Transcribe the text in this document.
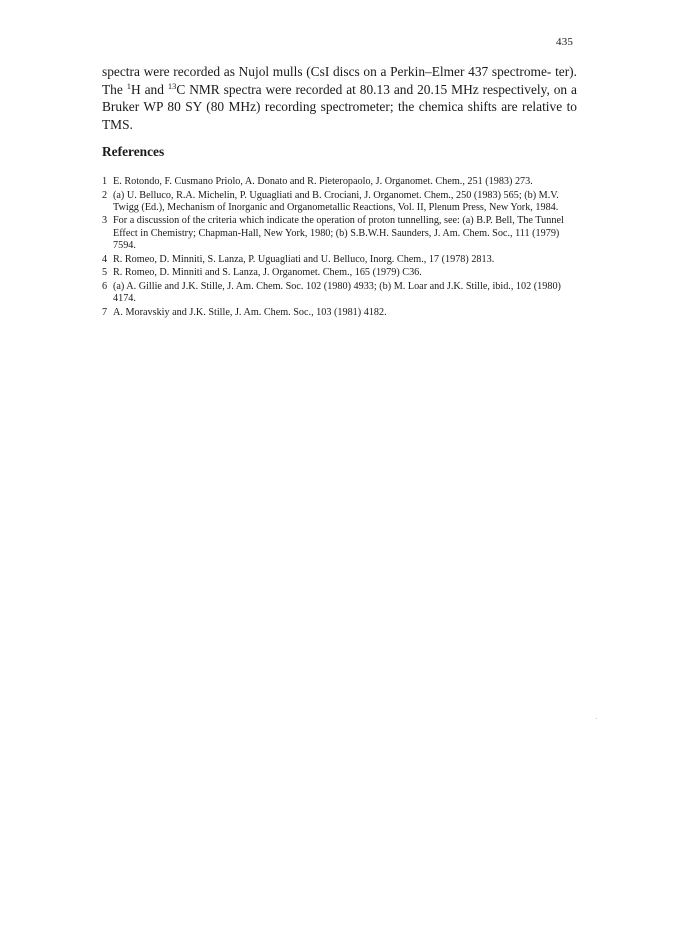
435
spectra were recorded as Nujol mulls (CsI discs on a Perkin–Elmer 437 spectrome- ter). The $^1$H and $^{13}$C NMR spectra were recorded at 80.13 and 20.15 MHz respectively, on a Bruker WP 80 SY (80 MHz) recording spectrometer; the chemica shifts are relative to TMS.
References
1 E. Rotondo, F. Cusmano Priolo, A. Donato and R. Pieteropaolo, J. Organomet. Chem., 251 (1983) 273.
2 (a) U. Belluco, R.A. Michelin, P. Uguagliati and B. Crociani, J. Organomet. Chem., 250 (1983) 565; (b) M.V. Twigg (Ed.), Mechanism of Inorganic and Organometallic Reactions, Vol. II, Plenum Press, New York, 1984.
3 For a discussion of the criteria which indicate the operation of proton tunnelling, see: (a) B.P. Bell, The Tunnel Effect in Chemistry; Chapman-Hall, New York, 1980; (b) S.B.W.H. Saunders, J. Am. Chem. Soc., 111 (1979) 7594.
4 R. Romeo, D. Minniti, S. Lanza, P. Uguagliati and U. Belluco, Inorg. Chem., 17 (1978) 2813.
5 R. Romeo, D. Minniti and S. Lanza, J. Organomet. Chem., 165 (1979) C36.
6 (a) A. Gillie and J.K. Stille, J. Am. Chem. Soc. 102 (1980) 4933; (b) M. Loar and J.K. Stille, ibid., 102 (1980) 4174.
7 A. Moravskiy and J.K. Stille, J. Am. Chem. Soc., 103 (1981) 4182.
